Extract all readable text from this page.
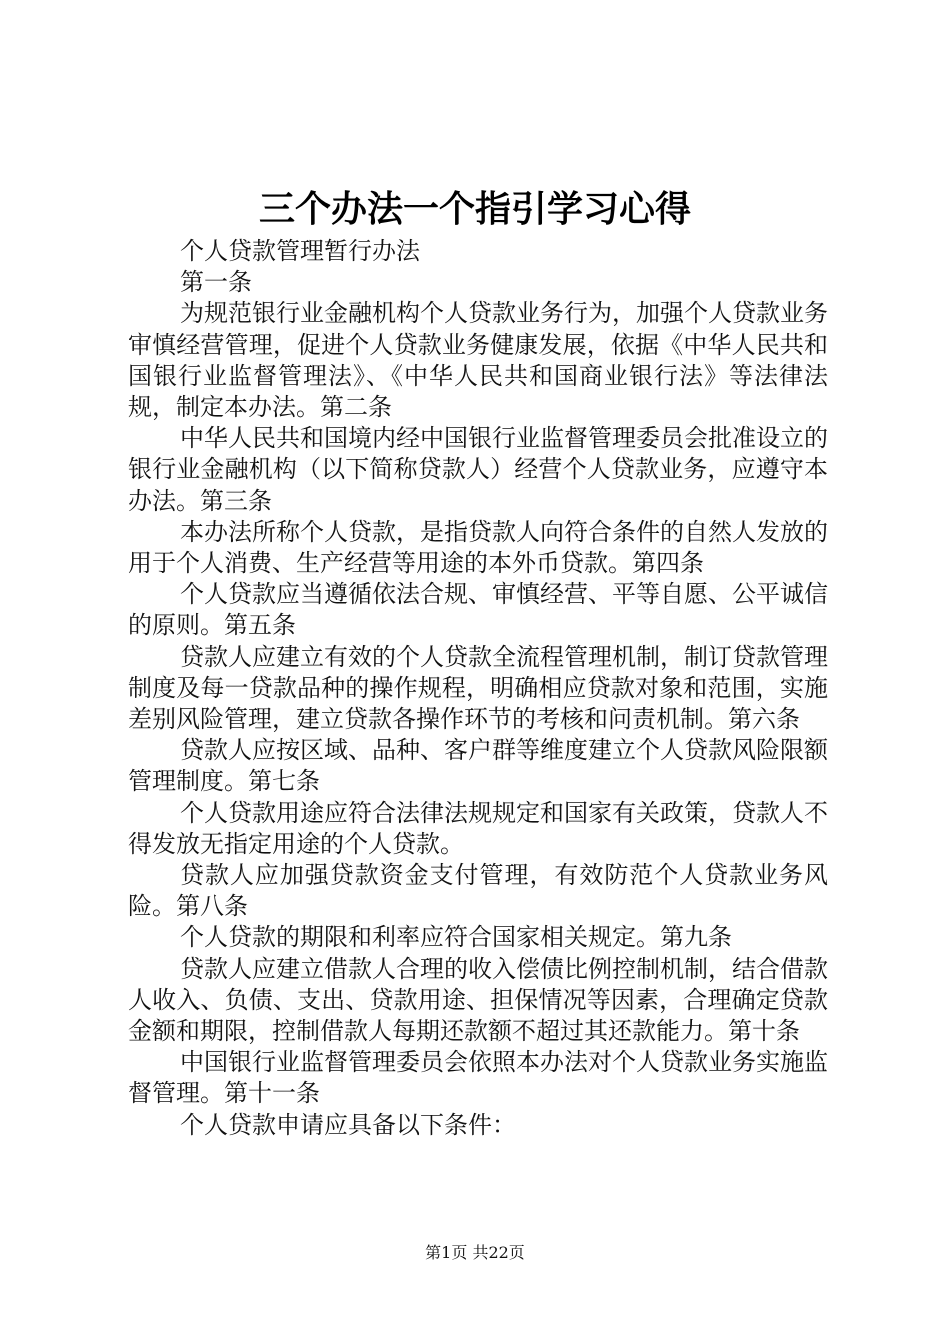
三个办法一个指引学习心得

个人贷款管理暂行办法

第一条

为规范银行业金融机构个人贷款业务行为，加强个人贷款业务审慎经营管理，促进个人贷款业务健康发展，依据《中华人民共和国银行业监督管理法》、《中华人民共和国商业银行法》等法律法规，制定本办法。第二条

中华人民共和国境内经中国银行业监督管理委员会批准设立的银行业金融机构（以下简称贷款人）经营个人贷款业务，应遵守本办法。第三条

本办法所称个人贷款，是指贷款人向符合条件的自然人发放的用于个人消费、生产经营等用途的本外币贷款。第四条

个人贷款应当遵循依法合规、审慎经营、平等自愿、公平诚信的原则。第五条

贷款人应建立有效的个人贷款全流程管理机制，制订贷款管理制度及每一贷款品种的操作规程，明确相应贷款对象和范围，实施差别风险管理，建立贷款各操作环节的考核和问责机制。第六条

贷款人应按区域、品种、客户群等维度建立个人贷款风险限额管理制度。第七条

个人贷款用途应符合法律法规规定和国家有关政策，贷款人不得发放无指定用途的个人贷款。

贷款人应加强贷款资金支付管理，有效防范个人贷款业务风险。第八条

个人贷款的期限和利率应符合国家相关规定。第九条

贷款人应建立借款人合理的收入偿债比例控制机制，结合借款人收入、负债、支出、贷款用途、担保情况等因素，合理确定贷款金额和期限，控制借款人每期还款额不超过其还款能力。第十条

中国银行业监督管理委员会依照本办法对个人贷款业务实施监督管理。第十一条

个人贷款申请应具备以下条件：

第1页 共22页
